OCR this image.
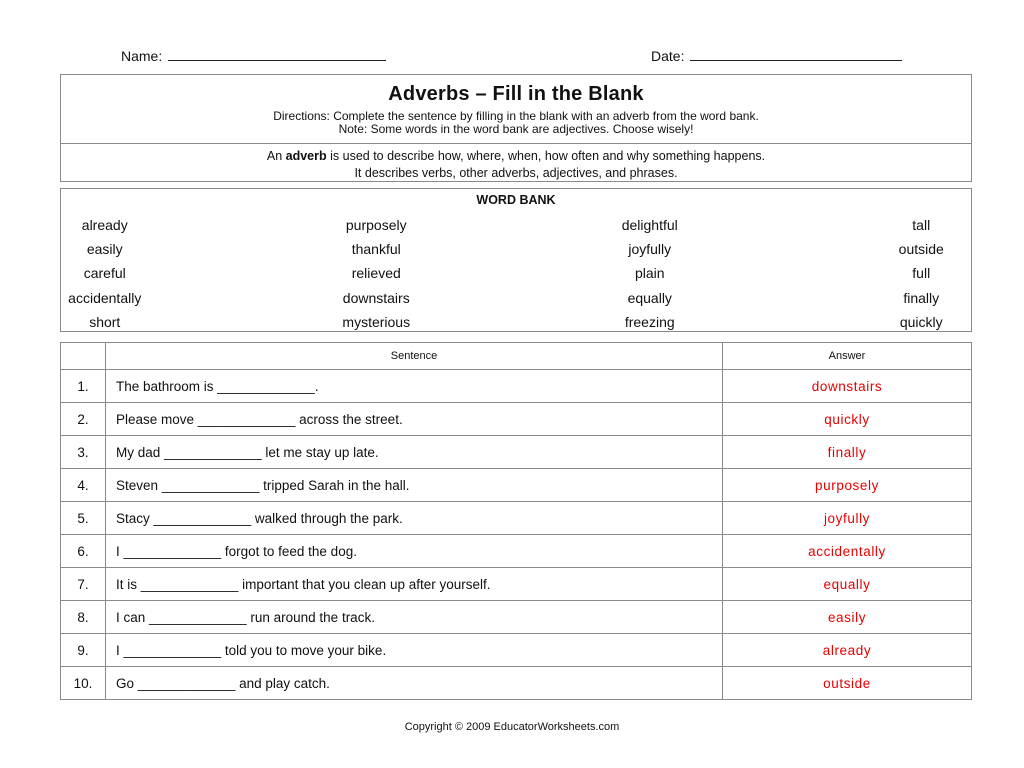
Name:	Date:
Adverbs – Fill in the Blank

Directions: Complete the sentence by filling in the blank with an adverb from the word bank.

Note: Some words in the word bank are adjectives. Choose wisely!

An adverb is used to describe how, where, when, how often and why something happens.
It describes verbs, other adverbs, adjectives, and phrases.
WORD BANK
already	purposely	delightful	tall
easily	thankful	joyfully	outside
careful	relieved	plain	full
accidentally	downstairs	equally	finally
short	mysterious	freezing	quickly
	Sentence	Answer
1.	The bathroom is _____________.	downstairs
2.	Please move _____________ across the street.	quickly
3.	My dad _____________ let me stay up late.	finally
4.	Steven _____________ tripped Sarah in the hall.	purposely
5.	Stacy _____________ walked through the park.	joyfully
6.	I _____________ forgot to feed the dog.	accidentally
7.	It is _____________ important that you clean up after yourself.	equally
8.	I can _____________ run around the track.	easily
9.	I _____________ told you to move your bike.	already
10.	Go _____________ and play catch.	outside
Copyright © 2009 EducatorWorksheets.com
